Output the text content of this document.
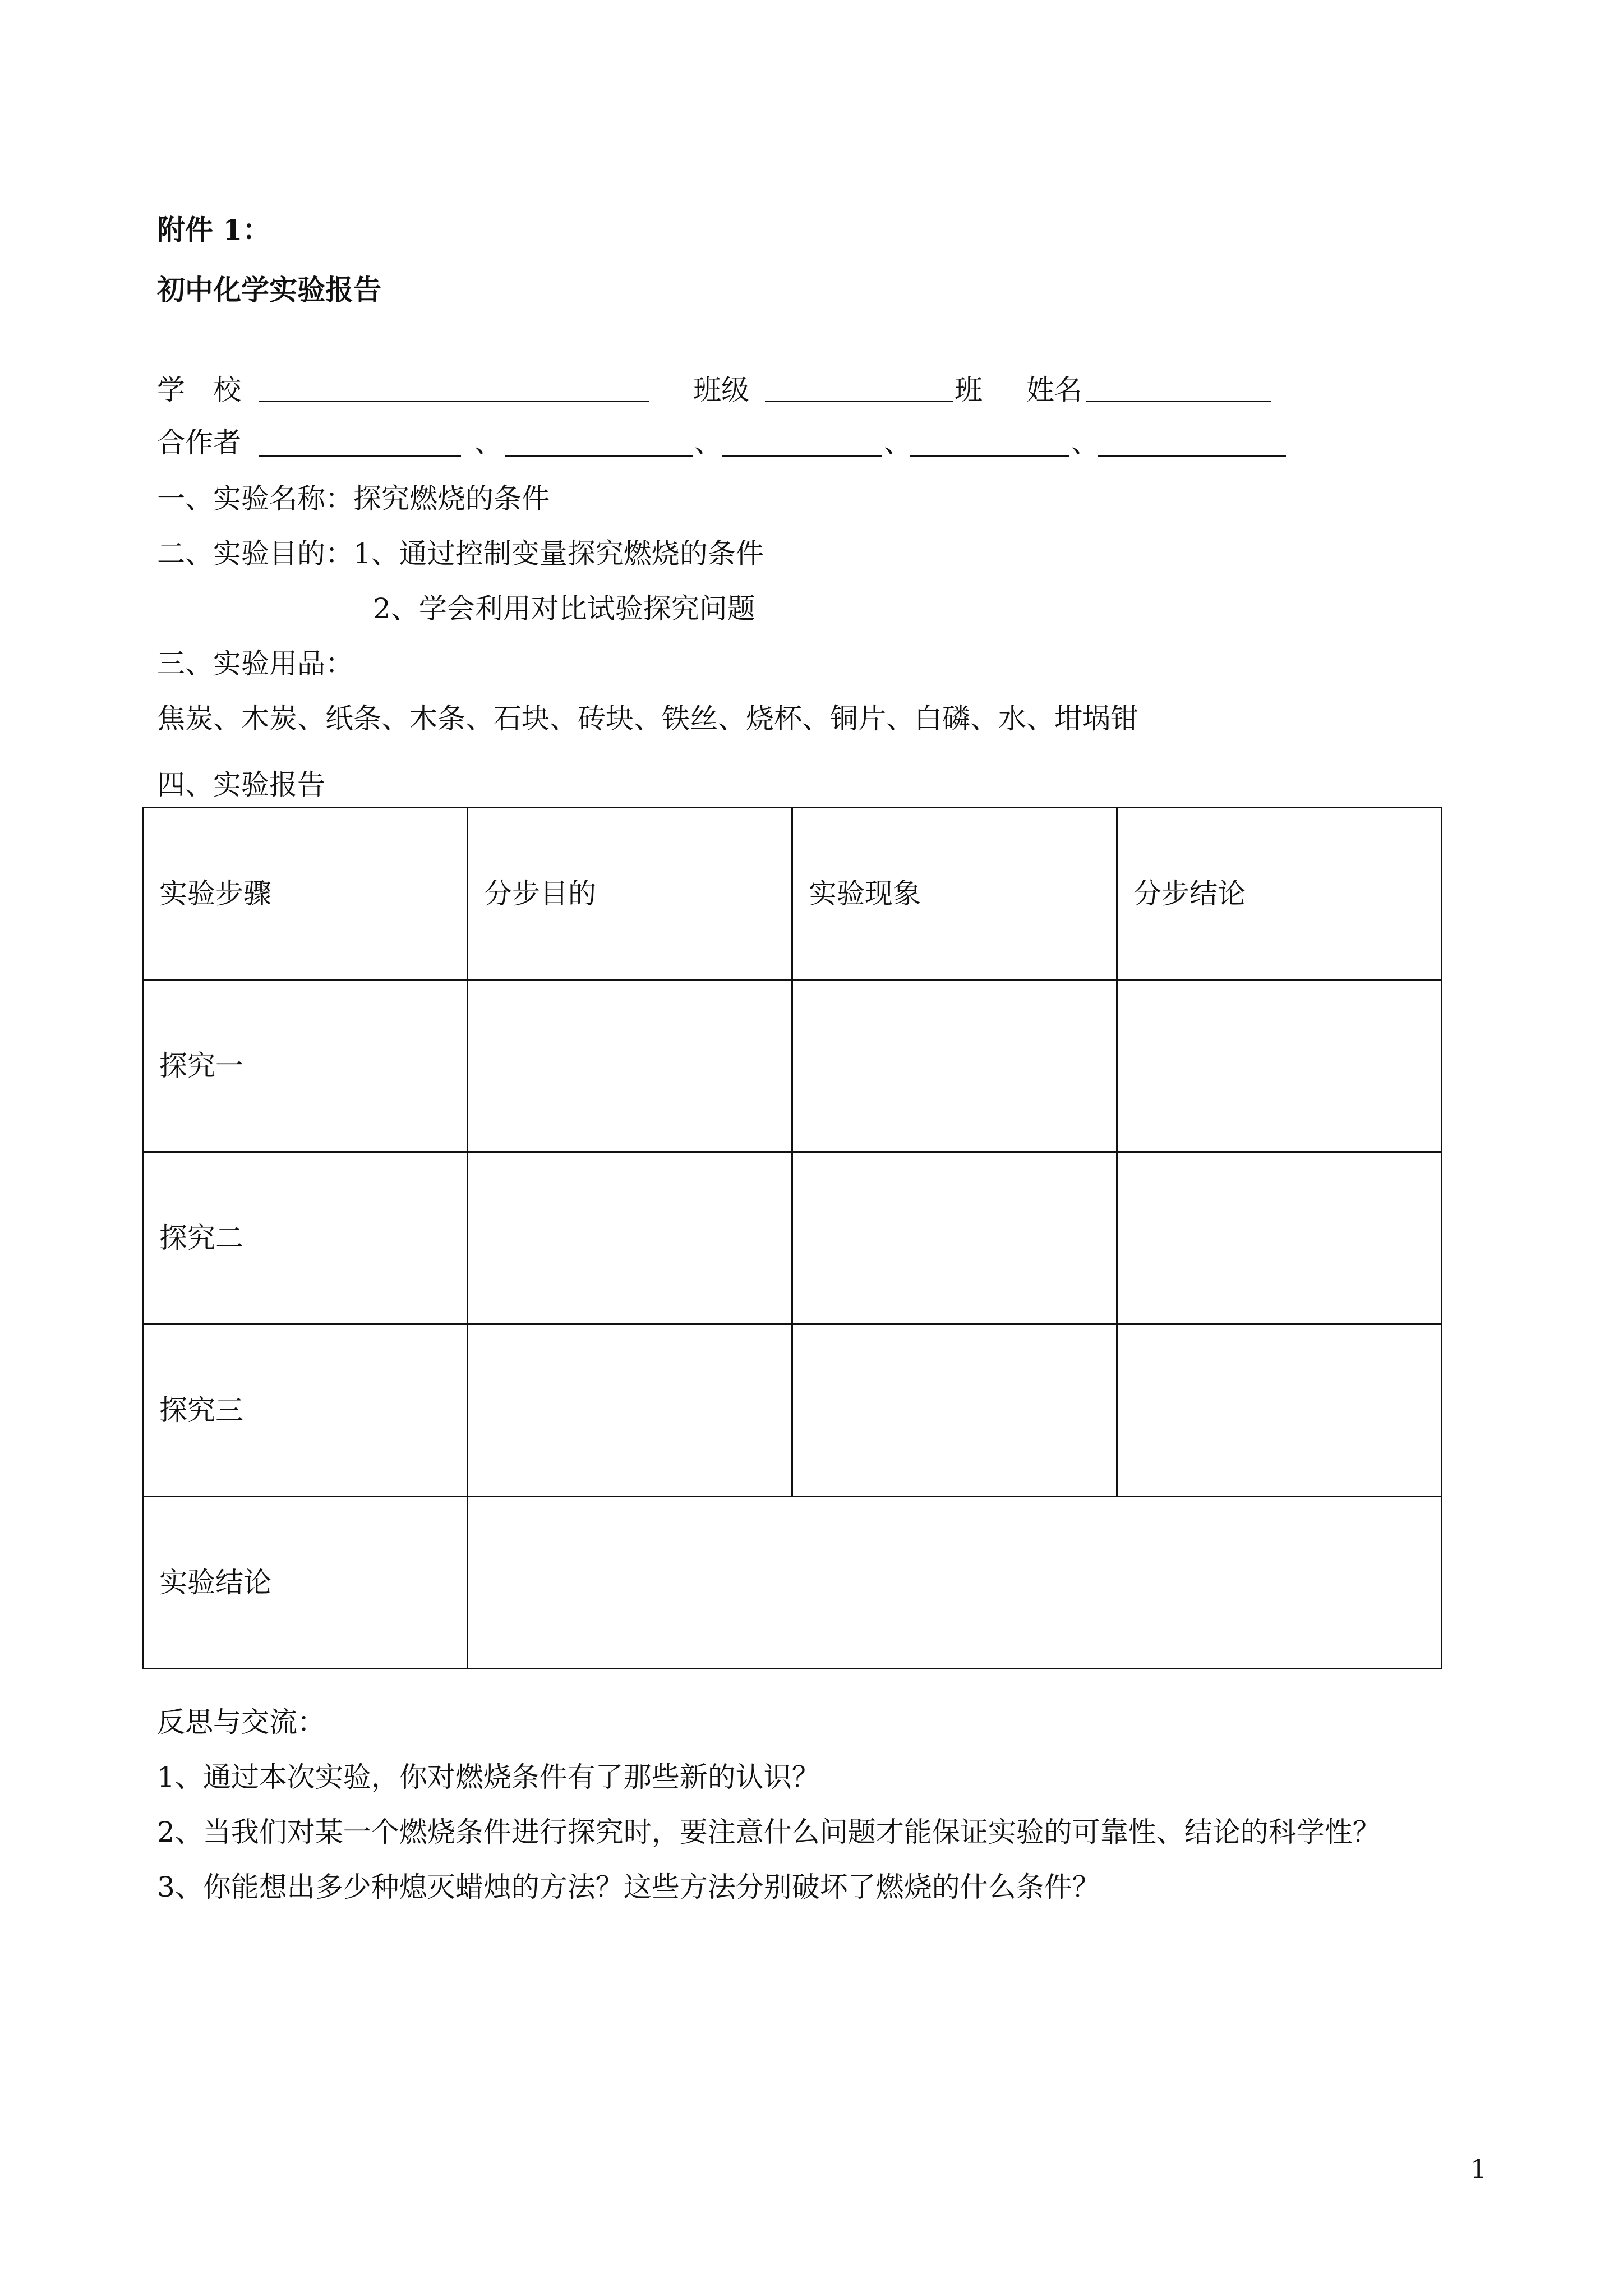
附件 1：
初中化学实验报告
学　校	班级	班 姓名
合作者	、	、	、	、
一、实验名称：探究燃烧的条件
二、实验目的：1、通过控制变量探究燃烧的条件
2、学会利用对比试验探究问题
三、实验用品：
焦炭、木炭、纸条、木条、石块、砖块、铁丝、烧杯、铜片、白磷、水、坩埚钳
四、实验报告
实验步骤	分步目的	实验现象	分步结论
探究一			
探究二			
探究三			
实验结论			
反思与交流：
1、通过本次实验，你对燃烧条件有了那些新的认识？
2、当我们对某一个燃烧条件进行探究时，要注意什么问题才能保证实验的可靠性、结论的科学性？
3、你能想出多少种熄灭蜡烛的方法？这些方法分别破坏了燃烧的什么条件？
1
